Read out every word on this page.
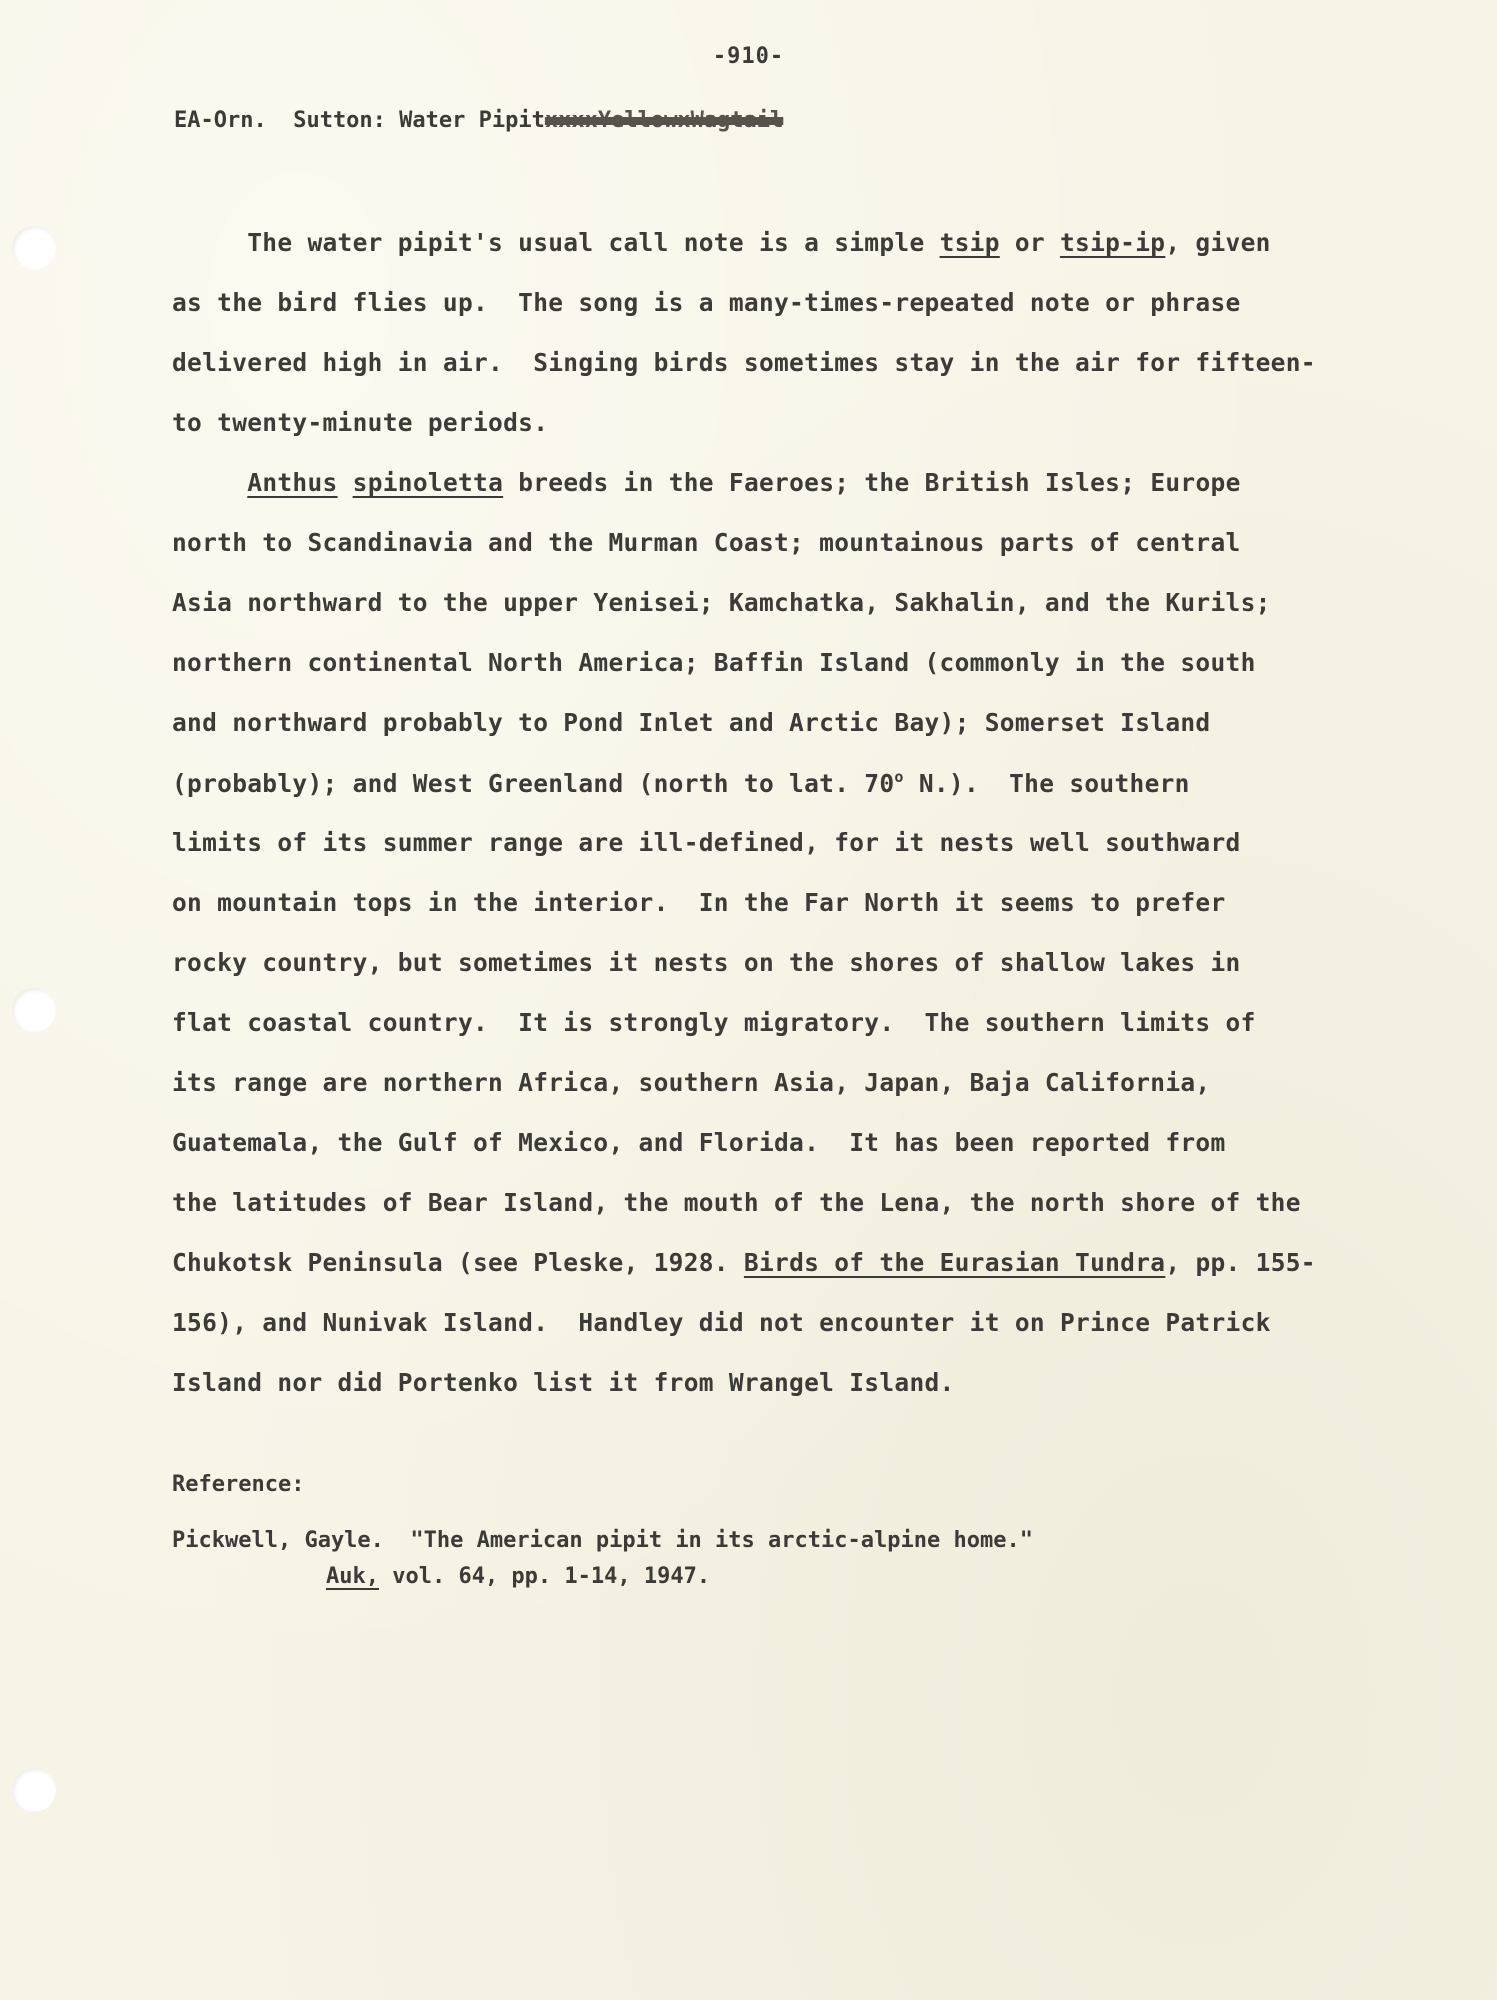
-910-
EA-Orn.  Sutton: Water PipitxxxxYellowxWagtail
The water pipit's usual call note is a simple tsip or tsip-ip, given
as the bird flies up.  The song is a many-times-repeated note or phrase
delivered high in air.  Singing birds sometimes stay in the air for fifteen-
to twenty-minute periods.
Anthus spinoletta breeds in the Faeroes; the British Isles; Europe
north to Scandinavia and the Murman Coast; mountainous parts of central
Asia northward to the upper Yenisei; Kamchatka, Sakhalin, and the Kurils;
northern continental North America; Baffin Island (commonly in the south
and northward probably to Pond Inlet and Arctic Bay); Somerset Island
(probably); and West Greenland (north to lat. 70$^o$ N.).  The southern
limits of its summer range are ill-defined, for it nests well southward
on mountain tops in the interior.  In the Far North it seems to prefer
rocky country, but sometimes it nests on the shores of shallow lakes in
flat coastal country.  It is strongly migratory.  The southern limits of
its range are northern Africa, southern Asia, Japan, Baja California,
Guatemala, the Gulf of Mexico, and Florida.  It has been reported from
the latitudes of Bear Island, the mouth of the Lena, the north shore of the
Chukotsk Peninsula (see Pleske, 1928. Birds of the Eurasian Tundra, pp. 155-
156), and Nunivak Island.  Handley did not encounter it on Prince Patrick
Island nor did Portenko list it from Wrangel Island.
Reference:
Pickwell, Gayle.  "The American pipit in its arctic-alpine home."
Auk, vol. 64, pp. 1-14, 1947.
